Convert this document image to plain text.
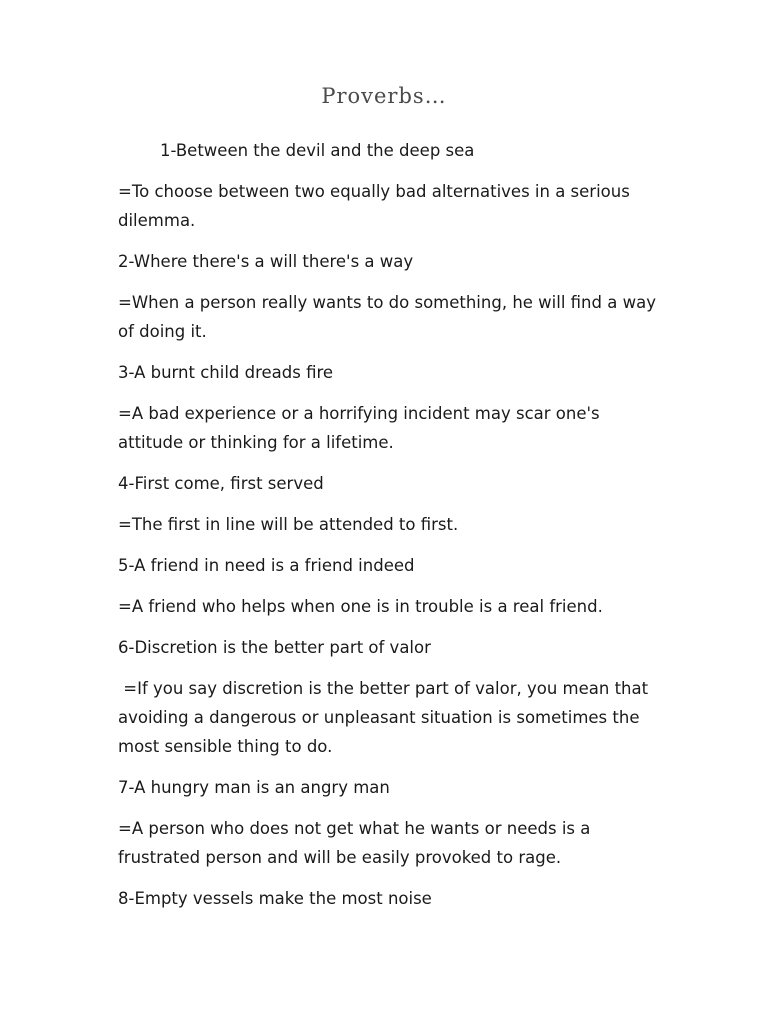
Proverbs…

1-Between the devil and the deep sea

=To choose between two equally bad alternatives in a serious dilemma.

2-Where there's a will there's a way

=When a person really wants to do something, he will find a way of doing it.

3-A burnt child dreads fire

=A bad experience or a horrifying incident may scar one's attitude or thinking for a lifetime.

4-First come, first served

=The first in line will be attended to first.

5-A friend in need is a friend indeed

=A friend who helps when one is in trouble is a real friend.

6-Discretion is the better part of valor

=If you say discretion is the better part of valor, you mean that avoiding a dangerous or unpleasant situation is sometimes the most sensible thing to do.

7-A hungry man is an angry man

=A person who does not get what he wants or needs is a frustrated person and will be easily provoked to rage.

8-Empty vessels make the most noise
